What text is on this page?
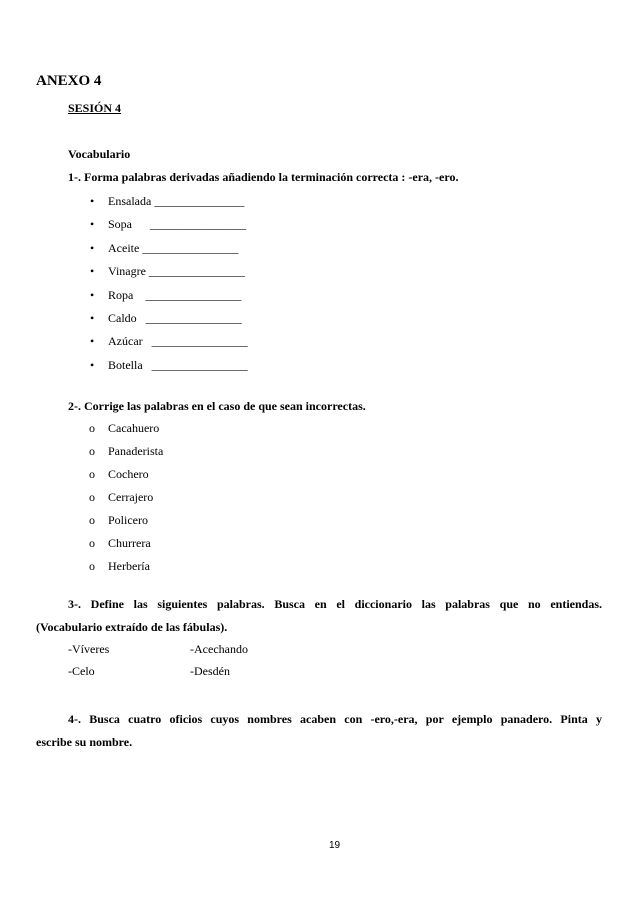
ANEXO 4
SESIÓN 4
Vocabulario
1-. Forma palabras derivadas añadiendo la terminación correcta : -era, -ero.
• Ensalada _______________
• Sopa      ________________
• Aceite ________________
• Vinagre ________________
• Ropa    ________________
• Caldo   ________________
• Azúcar   ________________
• Botella   ________________
2-. Corrige las palabras en el caso de que sean incorrectas.
o Cacahuero
o Panaderista
o Cochero
o Cerrajero
o Policero
o Churrera
o Herbería
3-. Define las siguientes palabras. Busca en el diccionario las palabras que no entiendas.
(Vocabulario extraído de las fábulas).
-Víveres	-Acechando
-Celo	-Desdén
4-. Busca cuatro oficios cuyos nombres acaben con -ero,-era, por ejemplo panadero. Pinta y
escribe su nombre.
19
